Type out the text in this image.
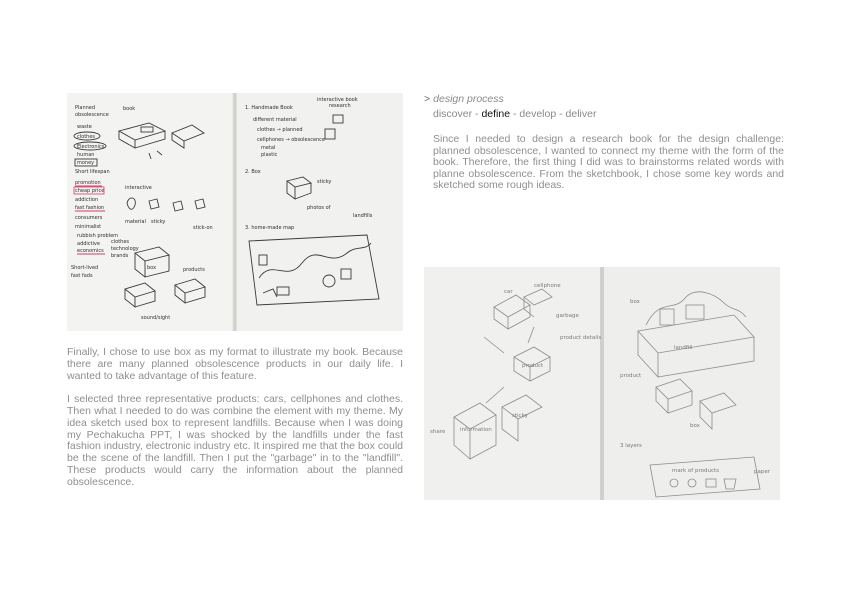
Planned
obsolescence
waste
clothes
Electronics
human
money
Short lifespan
promotion
cheap price
addiction
fast fashion
consumers
minimalist
rubbish problem
addictive
economics
Short-lived
fast fads
book
interactive
material sticky
stick-on
box
clothes
technology
brands
products
sound/sight
1. Handmade Book
interactive book
research
different material
clothes → planned
cellphones → obsolescence
metal
plastic
2. Box
sticky
photos of
3. home-made map
landfills
> design process
discover - define - develop - deliver
Since I needed to design a research book for the design challenge: planned obsolescence, I wanted to connect my theme with the form of the book. Therefore, the first thing I did was to brainstorms related words with planne obsolescence. From the sketchbook, I chose some key words and sketched some rough ideas.

Finally, I chose to use box as my format to illustrate my book. Because there are many planned obsolescence products in our daily life. I wanted to take advantage of this feature.

I selected three representative products: cars, cellphones and clothes. Then what I needed to do was combine the element with my theme. My idea sketch used box to represent landfills. Because when I was doing my Pechakucha PPT, I was shocked by the landfills under the fast fashion industry, electronic industry etc. It inspired me that the box could be the scene of the landfill. Then I put the "garbage" in to the "landfill". These products would carry the information about the planned obsolescence.

car
cellphone
garbage
product
product details
information
share
sticky
box
landfill
product
box
3 layers
mark of products	paper
